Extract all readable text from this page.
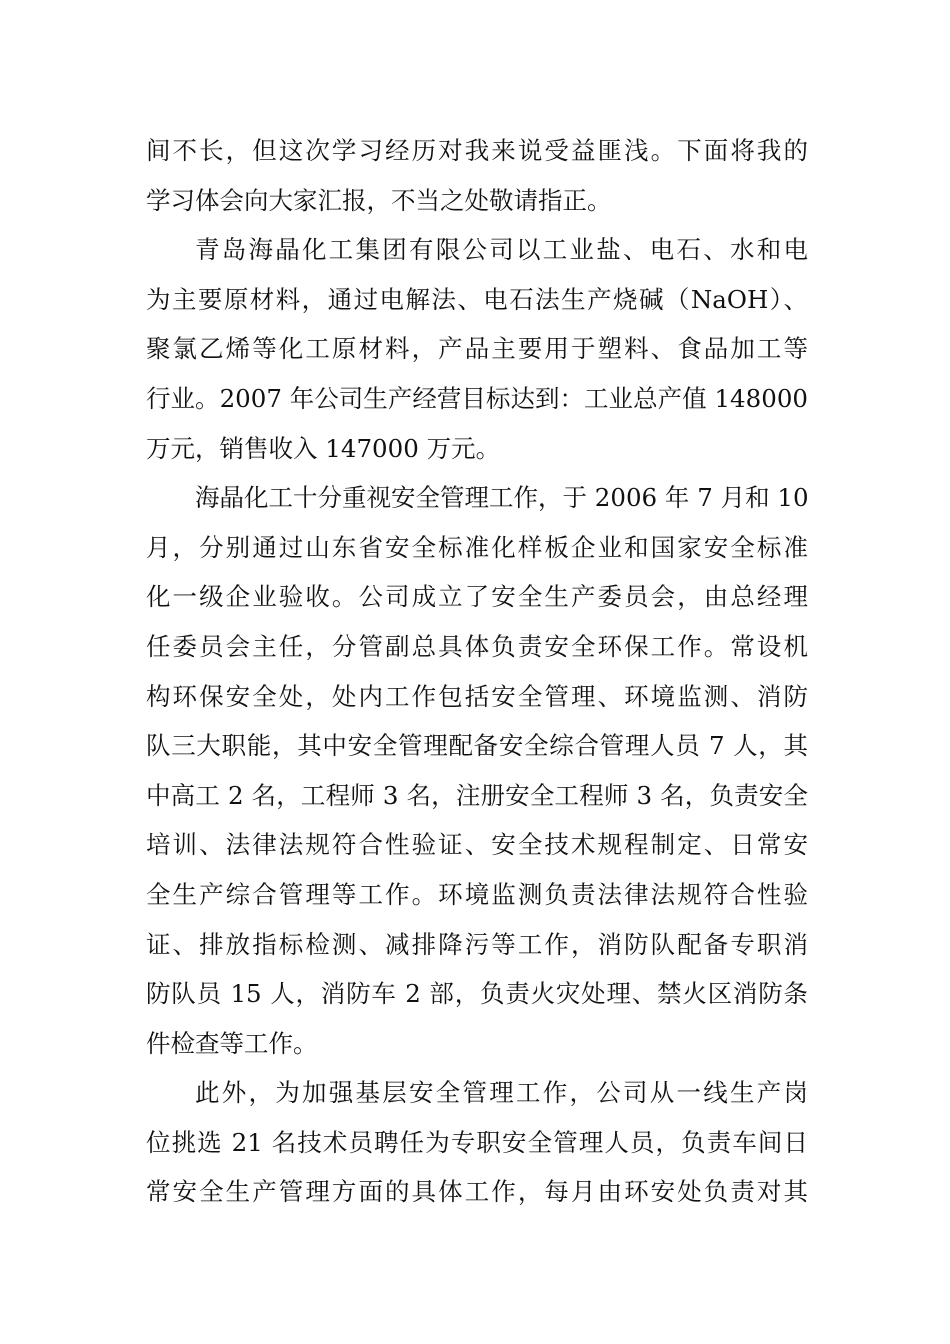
间不长，但这次学习经历对我来说受益匪浅。下面将我的
学习体会向大家汇报，不当之处敬请指正。
青岛海晶化工集团有限公司以工业盐、电石、水和电
为主要原材料，通过电解法、电石法生产烧碱（NaOH）、
聚氯乙烯等化工原材料，产品主要用于塑料、食品加工等
行业。2007 年公司生产经营目标达到：工业总产值 148000
万元，销售收入 147000 万元。
海晶化工十分重视安全管理工作，于 2006 年 7 月和 10
月，分别通过山东省安全标准化样板企业和国家安全标准
化一级企业验收。公司成立了安全生产委员会，由总经理
任委员会主任，分管副总具体负责安全环保工作。常设机
构环保安全处，处内工作包括安全管理、环境监测、消防
队三大职能，其中安全管理配备安全综合管理人员 7 人，其
中高工 2 名，工程师 3 名，注册安全工程师 3 名，负责安全
培训、法律法规符合性验证、安全技术规程制定、日常安
全生产综合管理等工作。环境监测负责法律法规符合性验
证、排放指标检测、减排降污等工作，消防队配备专职消
防队员 15 人，消防车 2 部，负责火灾处理、禁火区消防条
件检查等工作。
此外，为加强基层安全管理工作，公司从一线生产岗
位挑选 21 名技术员聘任为专职安全管理人员，负责车间日
常安全生产管理方面的具体工作，每月由环安处负责对其
